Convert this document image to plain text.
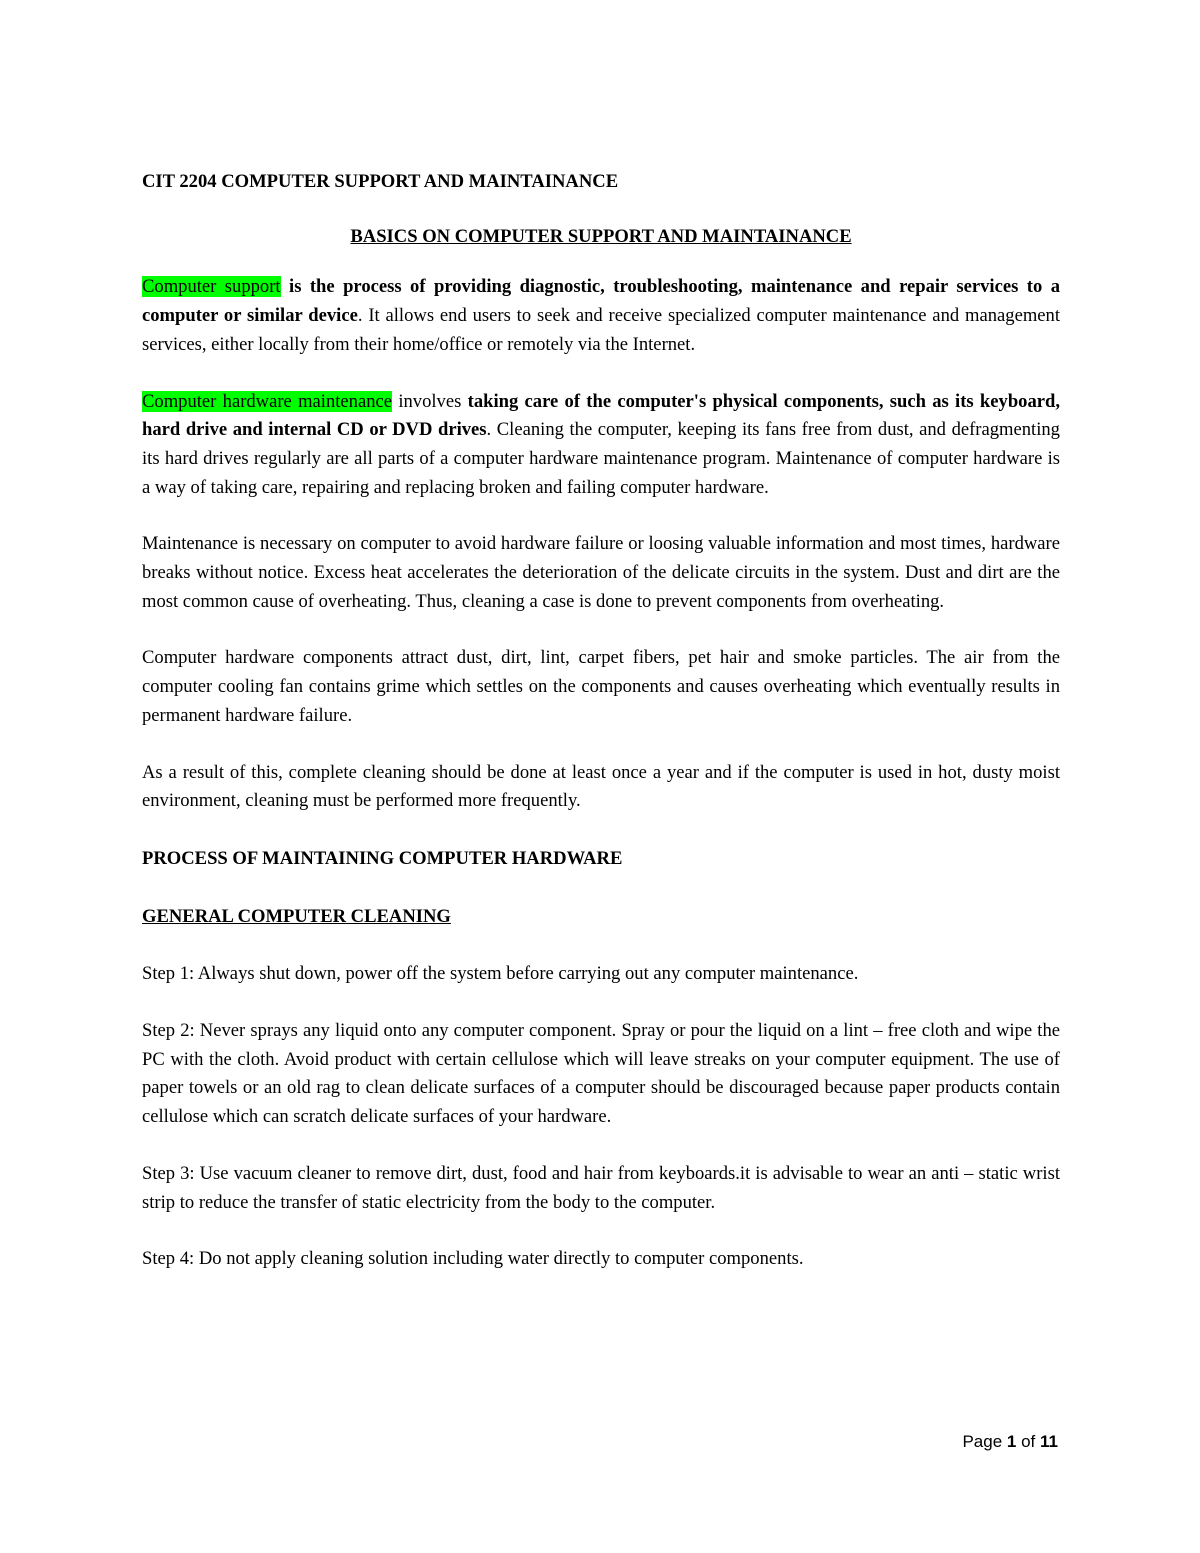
CIT 2204 COMPUTER SUPPORT AND MAINTAINANCE

BASICS ON COMPUTER SUPPORT AND MAINTAINANCE

Computer support is the process of providing diagnostic, troubleshooting, maintenance and repair services to a computer or similar device. It allows end users to seek and receive specialized computer maintenance and management services, either locally from their home/office or remotely via the Internet.

Computer hardware maintenance involves taking care of the computer's physical components, such as its keyboard, hard drive and internal CD or DVD drives. Cleaning the computer, keeping its fans free from dust, and defragmenting its hard drives regularly are all parts of a computer hardware maintenance program. Maintenance of computer hardware is a way of taking care, repairing and replacing broken and failing computer hardware.

Maintenance is necessary on computer to avoid hardware failure or loosing valuable information and most times, hardware breaks without notice. Excess heat accelerates the deterioration of the delicate circuits in the system. Dust and dirt are the most common cause of overheating. Thus, cleaning a case is done to prevent components from overheating.

Computer hardware components attract dust, dirt, lint, carpet fibers, pet hair and smoke particles. The air from the computer cooling fan contains grime which settles on the components and causes overheating which eventually results in permanent hardware failure.

As a result of this, complete cleaning should be done at least once a year and if the computer is used in hot, dusty moist environment, cleaning must be performed more frequently.

PROCESS OF MAINTAINING COMPUTER HARDWARE

GENERAL COMPUTER CLEANING

Step 1: Always shut down, power off the system before carrying out any computer maintenance.

Step 2: Never sprays any liquid onto any computer component. Spray or pour the liquid on a lint – free cloth and wipe the PC with the cloth. Avoid product with certain cellulose which will leave streaks on your computer equipment. The use of paper towels or an old rag to clean delicate surfaces of a computer should be discouraged because paper products contain cellulose which can scratch delicate surfaces of your hardware.

Step 3: Use vacuum cleaner to remove dirt, dust, food and hair from keyboards.it is advisable to wear an anti – static wrist strip to reduce the transfer of static electricity from the body to the computer.

Step 4: Do not apply cleaning solution including water directly to computer components.

Page 1 of 11
